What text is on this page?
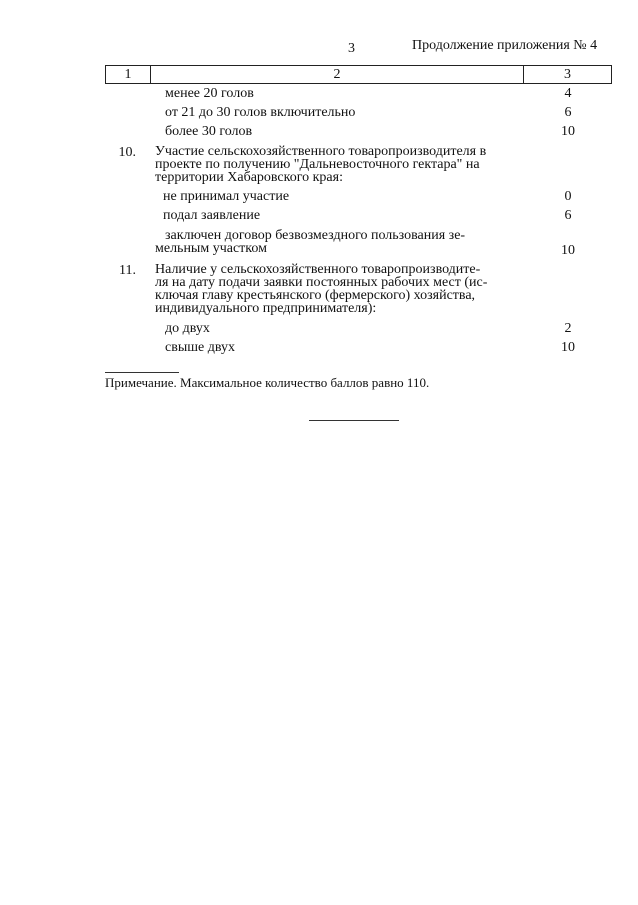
3	Продолжение приложения № 4
1	2	3
менее 20 голов	4
от 21 до 30 голов включительно	6
более 30 голов	10
10. Участие сельскохозяйственного товаропроизводителя в
проекте по получению "Дальневосточного гектара" на
территории Хабаровского края:
не принимал участие	0
подал заявление	6
заключен договор безвозмездного пользования зе-
мельным участком	10
11. Наличие у сельскохозяйственного товаропроизводите-
ля на дату подачи заявки постоянных рабочих мест (ис-
ключая главу крестьянского (фермерского) хозяйства,
индивидуального предпринимателя):
до двух	2
свыше двух	10
Примечание. Максимальное количество баллов равно 110.
